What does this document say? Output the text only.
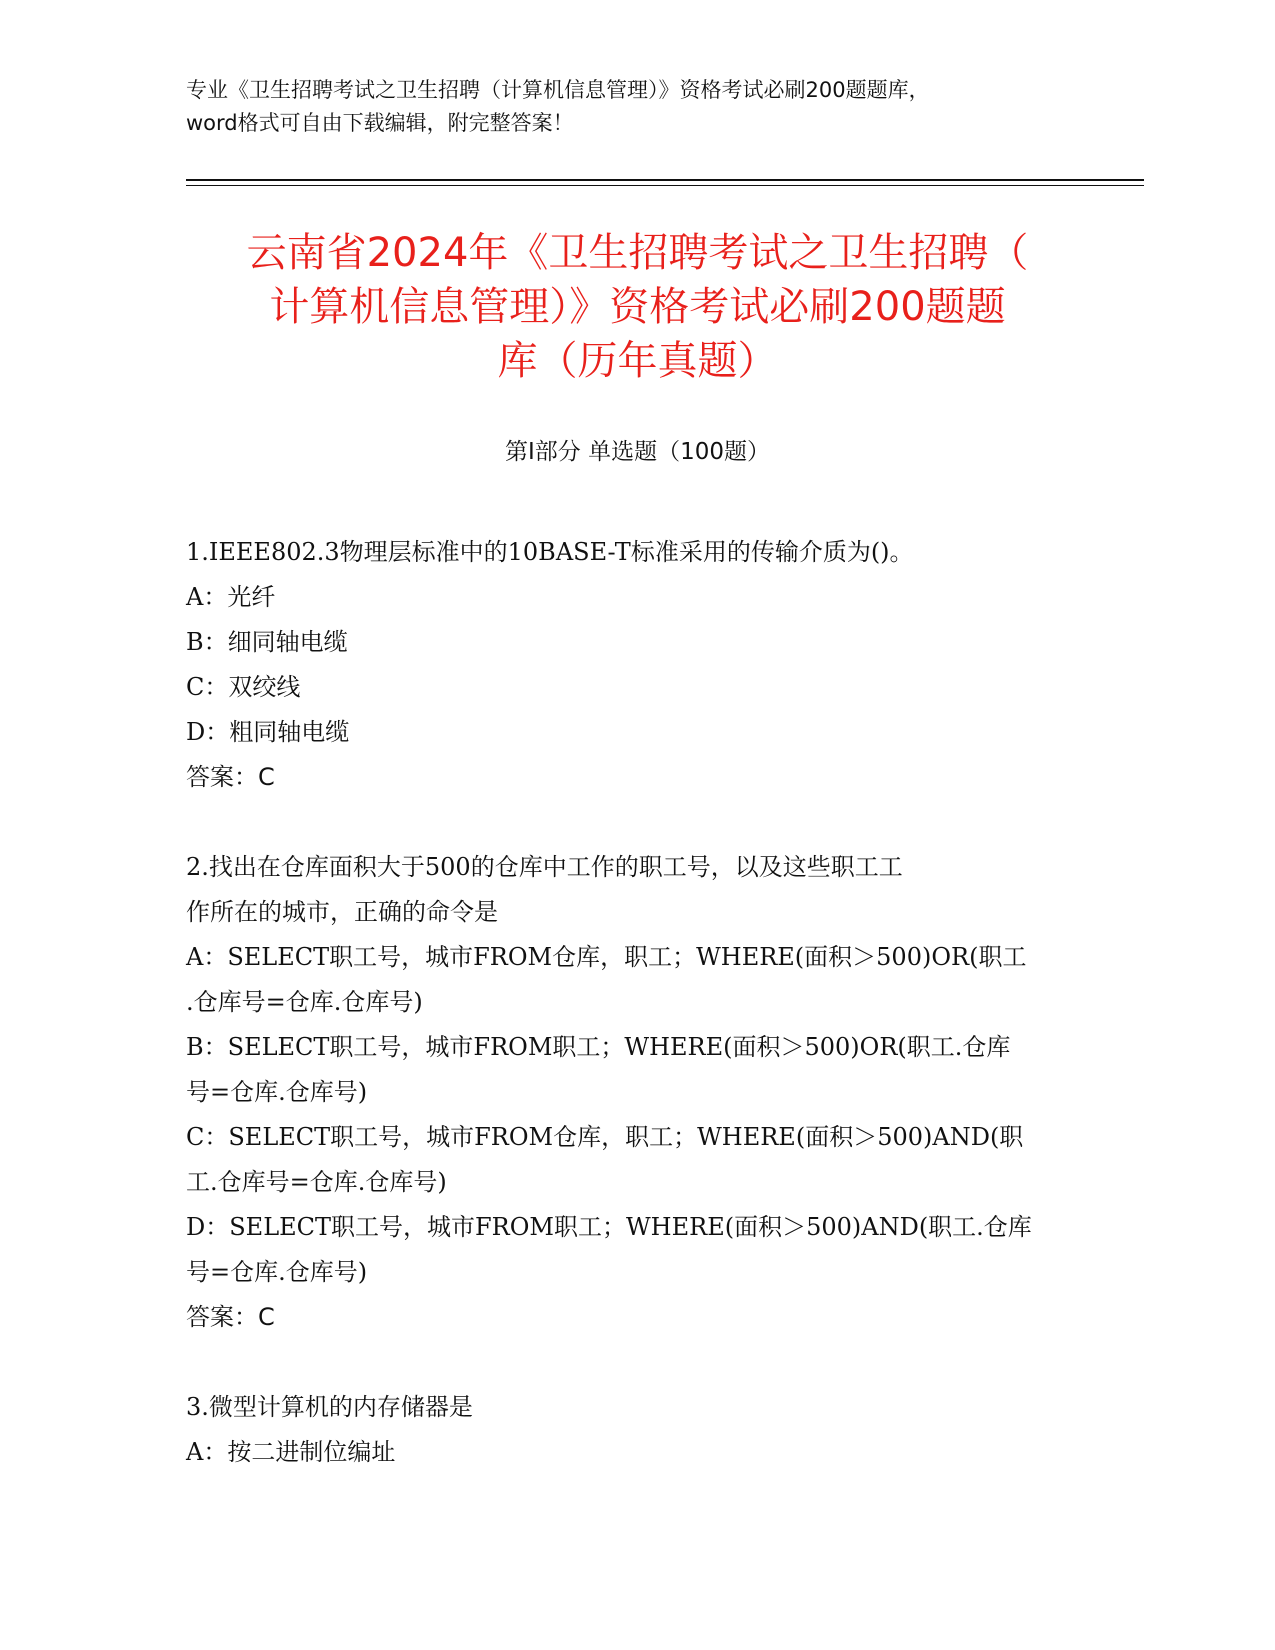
专业《卫生招聘考试之卫生招聘（计算机信息管理）》资格考试必刷200题题库，
word格式可自由下载编辑，附完整答案！
云南省2024年《卫生招聘考试之卫生招聘（
计算机信息管理）》资格考试必刷200题题
库（历年真题）
第Ⅰ部分 单选题（100题）
1.IEEE802.3物理层标准中的10BASE-T标准采用的传输介质为()。
A：光纤
B：细同轴电缆
C：双绞线
D：粗同轴电缆
答案：C
2.找出在仓库面积大于500的仓库中工作的职工号，以及这些职工工
作所在的城市，正确的命令是
A：SELECT职工号，城市FROM仓库，职工；WHERE(面积＞500)OR(职工
.仓库号=仓库.仓库号)
B：SELECT职工号，城市FROM职工；WHERE(面积＞500)OR(职工.仓库
号=仓库.仓库号)
C：SELECT职工号，城市FROM仓库，职工；WHERE(面积＞500)AND(职
工.仓库号=仓库.仓库号)
D：SELECT职工号，城市FROM职工；WHERE(面积＞500)AND(职工.仓库
号=仓库.仓库号)
答案：C
3.微型计算机的内存储器是
A：按二进制位编址
